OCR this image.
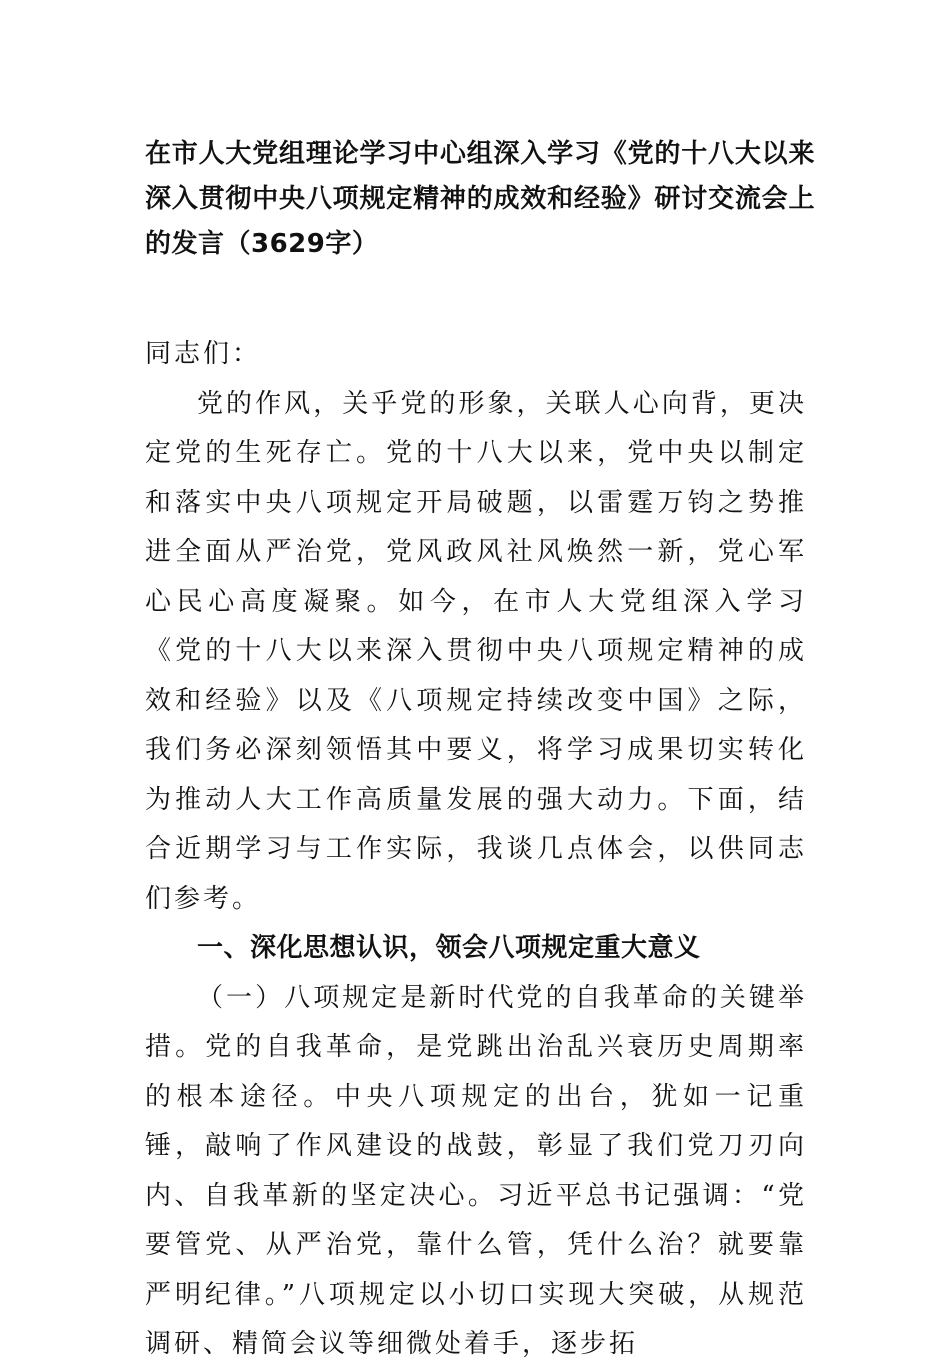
在市人大党组理论学习中心组深入学习《党的十八大以来深入贯彻中央八项规定精神的成效和经验》研讨交流会上的发言（3629字）

同志们：

党的作风，关乎党的形象，关联人心向背，更决定党的生死存亡。党的十八大以来，党中央以制定和落实中央八项规定开局破题，以雷霆万钧之势推进全面从严治党，党风政风社风焕然一新，党心军心民心高度凝聚。如今，在市人大党组深入学习《党的十八大以来深入贯彻中央八项规定精神的成效和经验》以及《八项规定持续改变中国》之际，我们务必深刻领悟其中要义，将学习成果切实转化为推动人大工作高质量发展的强大动力。下面，结合近期学习与工作实际，我谈几点体会，以供同志们参考。

一、深化思想认识，领会八项规定重大意义

（一）八项规定是新时代党的自我革命的关键举措。党的自我革命，是党跳出治乱兴衰历史周期率的根本途径。中央八项规定的出台，犹如一记重锤，敲响了作风建设的战鼓，彰显了我们党刀刃向内、自我革新的坚定决心。习近平总书记强调：“党要管党、从严治党，靠什么管，凭什么治？就要靠严明纪律。”八项规定以小切口实现大突破，从规范调研、精简会议等细微处着手，逐步拓
